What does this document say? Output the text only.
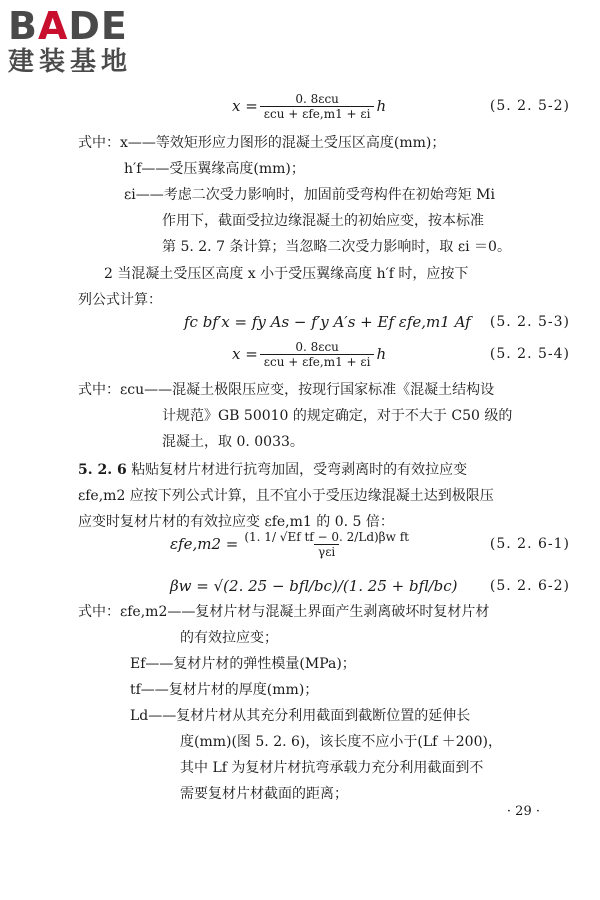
BADE
建装基地
$x = \frac{\text{0. 8εcu}}{\text{εcu + εfe,m1 + εi}}$ h	(5. 2. 5-2)
式中：x——等效矩形应力图形的混凝土受压区高度(mm)；
h′f——受压翼缘高度(mm)；
εi——考虑二次受力影响时，加固前受弯构件在初始弯矩 Mi
作用下，截面受拉边缘混凝土的初始应变，按本标准
第 5. 2. 7 条计算；当忽略二次受力影响时，取 εi ＝0。
2 当混凝土受压区高度 x 小于受压翼缘高度 h′f 时，应按下
列公式计算：
fc bf′x = fy As − f′y A′s + Ef εfe,m1 Af (5. 2. 5-3)
$x = \frac{\text{0. 8εcu}}{\text{εcu + εfe,m1 + εi}}$ h	(5. 2. 5-4)
式中：εcu——混凝土极限压应变，按现行国家标准《混凝土结构设
计规范》GB 50010 的规定确定，对于不大于 C50 级的
混凝土，取 0. 0033。
5. 2. 6 粘贴复材片材进行抗弯加固，受弯剥离时的有效拉应变
εfe,m2 应按下列公式计算，且不宜小于受压边缘混凝土达到极限压
应变时复材片材的有效拉应变 εfe,m1 的 0. 5 倍：
$\varepsilon fe,m2 = \frac{\text{(1. 1/ √Ef tf − 0. 2/Ld)βw ft}}{\text{γεi}}$	(5. 2. 6-1)
βw = √(2. 25 − bfl/bc)/(1. 25 + bfl/bc) (5. 2. 6-2)
式中：εfe,m2——复材片材与混凝土界面产生剥离破坏时复材片材
的有效拉应变；
Ef——复材片材的弹性模量(MPa)；
tf——复材片材的厚度(mm)；
Ld——复材片材从其充分利用截面到截断位置的延伸长
度(mm)(图 5. 2. 6)，该长度不应小于(Lf ＋200)，
其中 Lf 为复材片材抗弯承载力充分利用截面到不
需要复材片材截面的距离；
· 29 ·
